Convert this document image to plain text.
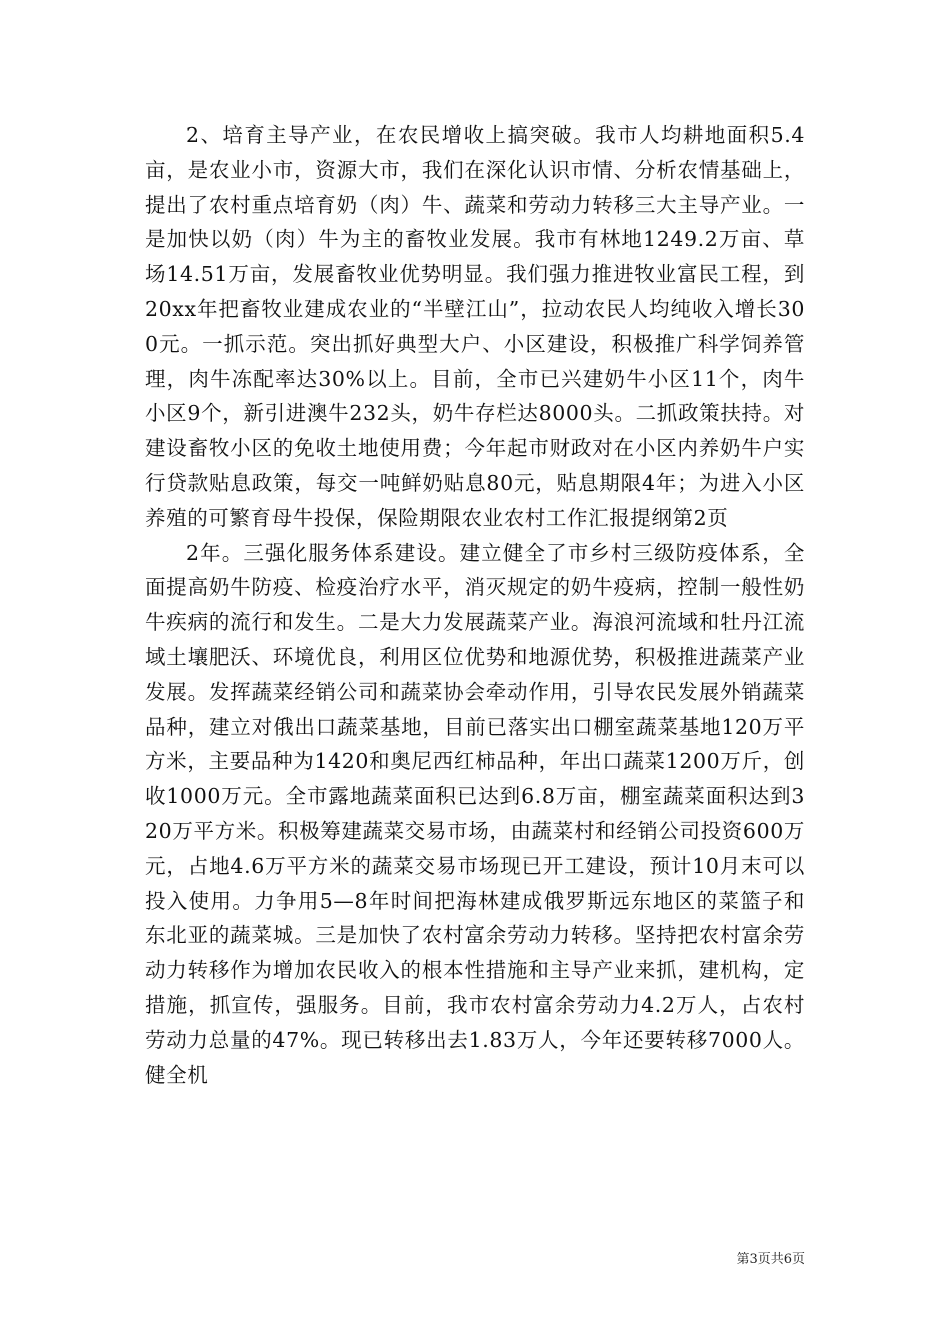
2、培育主导产业，在农民增收上搞突破。我市人均耕地面积5.4亩，是农业小市，资源大市，我们在深化认识市情、分析农情基础上，提出了农村重点培育奶（肉）牛、蔬菜和劳动力转移三大主导产业。一是加快以奶（肉）牛为主的畜牧业发展。我市有林地1249.2万亩、草场14.51万亩，发展畜牧业优势明显。我们强力推进牧业富民工程，到20xx年把畜牧业建成农业的“半壁江山”，拉动农民人均纯收入增长300元。一抓示范。突出抓好典型大户、小区建设，积极推广科学饲养管理，肉牛冻配率达30%以上。目前，全市已兴建奶牛小区11个，肉牛小区9个，新引进澳牛232头，奶牛存栏达8000头。二抓政策扶持。对建设畜牧小区的免收土地使用费；今年起市财政对在小区内养奶牛户实行贷款贴息政策，每交一吨鲜奶贴息80元，贴息期限4年；为进入小区养殖的可繁育母牛投保，保险期限农业农村工作汇报提纲第2页

2年。三强化服务体系建设。建立健全了市乡村三级防疫体系，全面提高奶牛防疫、检疫治疗水平，消灭规定的奶牛疫病，控制一般性奶牛疾病的流行和发生。二是大力发展蔬菜产业。海浪河流域和牡丹江流域土壤肥沃、环境优良，利用区位优势和地源优势，积极推进蔬菜产业发展。发挥蔬菜经销公司和蔬菜协会牵动作用，引导农民发展外销蔬菜品种，建立对俄出口蔬菜基地，目前已落实出口棚室蔬菜基地120万平方米，主要品种为1420和奥尼西红柿品种，年出口蔬菜1200万斤，创收1000万元。全市露地蔬菜面积已达到6.8万亩，棚室蔬菜面积达到320万平方米。积极筹建蔬菜交易市场，由蔬菜村和经销公司投资600万元，占地4.6万平方米的蔬菜交易市场现已开工建设，预计10月末可以投入使用。力争用5—8年时间把海林建成俄罗斯远东地区的菜篮子和东北亚的蔬菜城。三是加快了农村富余劳动力转移。坚持把农村富余劳动力转移作为增加农民收入的根本性措施和主导产业来抓，建机构，定措施，抓宣传，强服务。目前，我市农村富余劳动力4.2万人，占农村劳动力总量的47%。现已转移出去1.83万人，今年还要转移7000人。健全机

第3页共6页
